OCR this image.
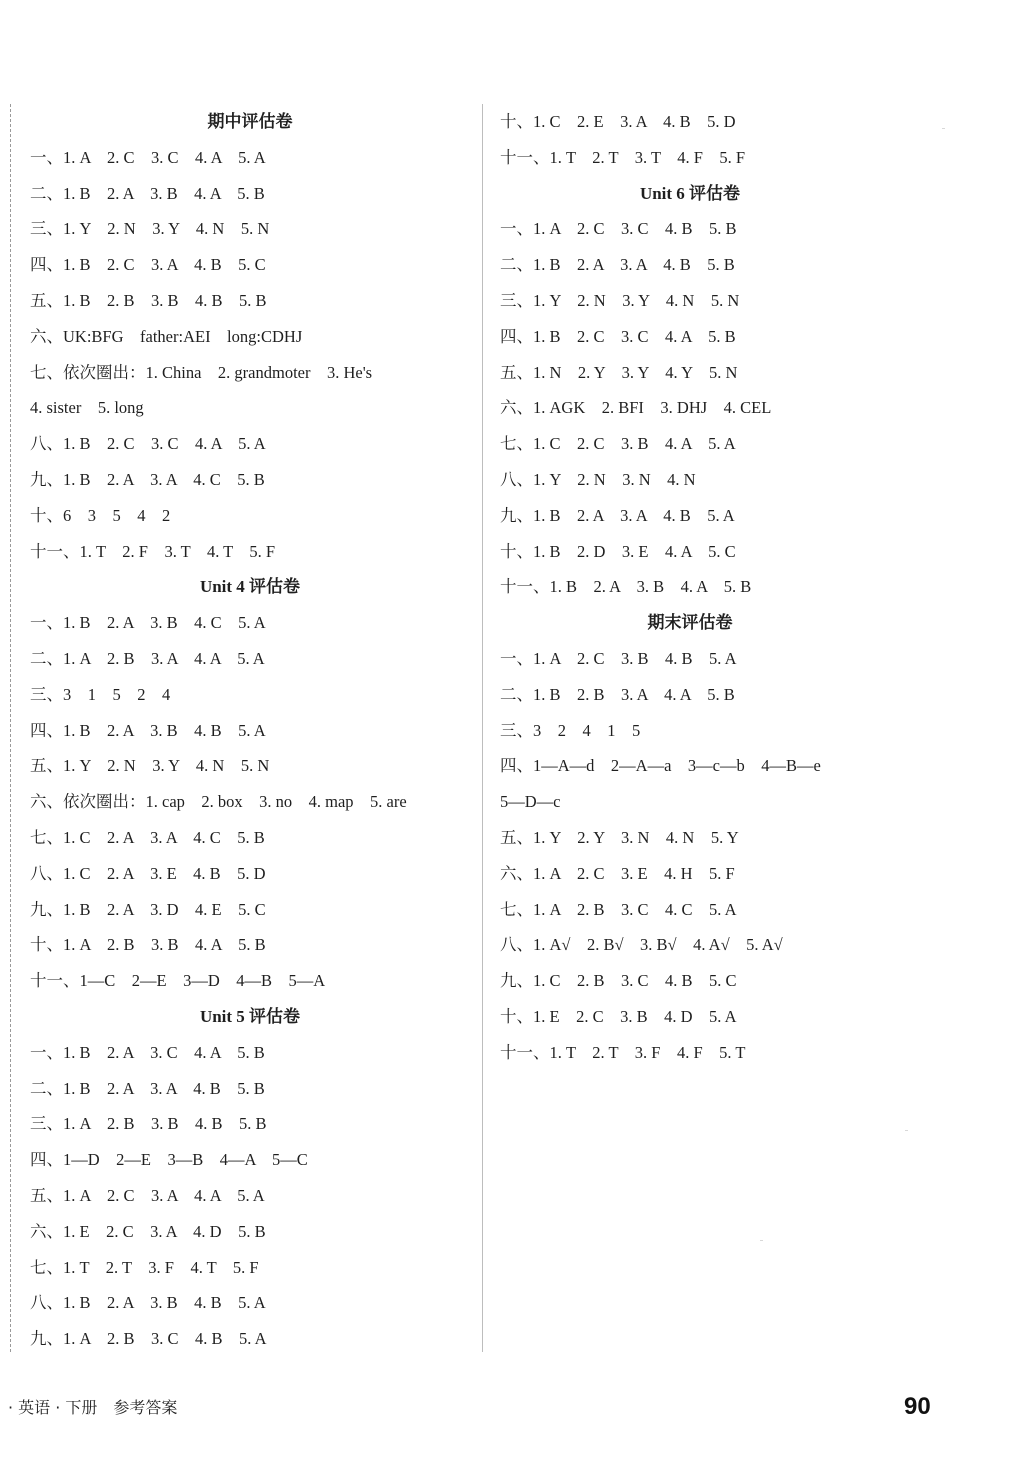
期中评估卷
一、1. A　2. C　3. C　4. A　5. A
二、1. B　2. A　3. B　4. A　5. B
三、1. Y　2. N　3. Y　4. N　5. N
四、1. B　2. C　3. A　4. B　5. C
五、1. B　2. B　3. B　4. B　5. B
六、UK:BFG　father:AEI　long:CDHJ
七、依次圈出：1. China　2. grandmoter　3. He's
4. sister　5. long
八、1. B　2. C　3. C　4. A　5. A
九、1. B　2. A　3. A　4. C　5. B
十、6　3　5　4　2
十一、1. T　2. F　3. T　4. T　5. F
Unit 4 评估卷
一、1. B　2. A　3. B　4. C　5. A
二、1. A　2. B　3. A　4. A　5. A
三、3　1　5　2　4
四、1. B　2. A　3. B　4. B　5. A
五、1. Y　2. N　3. Y　4. N　5. N
六、依次圈出：1. cap　2. box　3. no　4. map　5. are
七、1. C　2. A　3. A　4. C　5. B
八、1. C　2. A　3. E　4. B　5. D
九、1. B　2. A　3. D　4. E　5. C
十、1. A　2. B　3. B　4. A　5. B
十一、1—C　2—E　3—D　4—B　5—A
Unit 5 评估卷
一、1. B　2. A　3. C　4. A　5. B
二、1. B　2. A　3. A　4. B　5. B
三、1. A　2. B　3. B　4. B　5. B
四、1—D　2—E　3—B　4—A　5—C
五、1. A　2. C　3. A　4. A　5. A
六、1. E　2. C　3. A　4. D　5. B
七、1. T　2. T　3. F　4. T　5. F
八、1. B　2. A　3. B　4. B　5. A
九、1. A　2. B　3. C　4. B　5. A
十、1. C　2. E　3. A　4. B　5. D
十一、1. T　2. T　3. T　4. F　5. F
Unit 6 评估卷
一、1. A　2. C　3. C　4. B　5. B
二、1. B　2. A　3. A　4. B　5. B
三、1. Y　2. N　3. Y　4. N　5. N
四、1. B　2. C　3. C　4. A　5. B
五、1. N　2. Y　3. Y　4. Y　5. N
六、1. AGK　2. BFI　3. DHJ　4. CEL
七、1. C　2. C　3. B　4. A　5. A
八、1. Y　2. N　3. N　4. N
九、1. B　2. A　3. A　4. B　5. A
十、1. B　2. D　3. E　4. A　5. C
十一、1. B　2. A　3. B　4. A　5. B
期末评估卷
一、1. A　2. C　3. B　4. B　5. A
二、1. B　2. B　3. A　4. A　5. B
三、3　2　4　1　5
四、1—A—d　2—A—a　3—c—b　4—B—e
5—D—c
五、1. Y　2. Y　3. N　4. N　5. Y
六、1. A　2. C　3. E　4. H　5. F
七、1. A　2. B　3. C　4. C　5. A
八、1. A√　2. B√　3. B√　4. A√　5. A√
九、1. C　2. B　3. C　4. B　5. C
十、1. E　2. C　3. B　4. D　5. A
十一、1. T　2. T　3. F　4. F　5. T
· 英语 · 下册　参考答案	90
